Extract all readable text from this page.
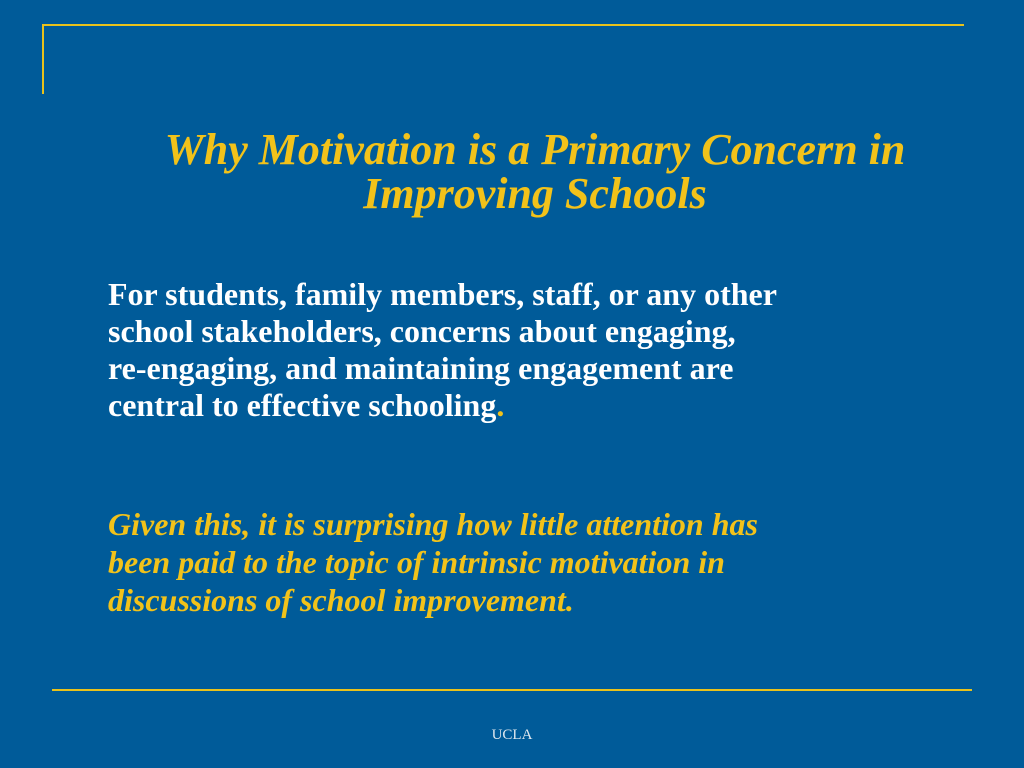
Why Motivation is a Primary Concern in
Improving Schools

For students, family members, staff, or any other
school stakeholders, concerns about engaging,
re-engaging, and maintaining engagement are
central to effective schooling.

Given this, it is surprising how little attention has
been paid to the topic of intrinsic motivation in
discussions of school improvement.

UCLA
